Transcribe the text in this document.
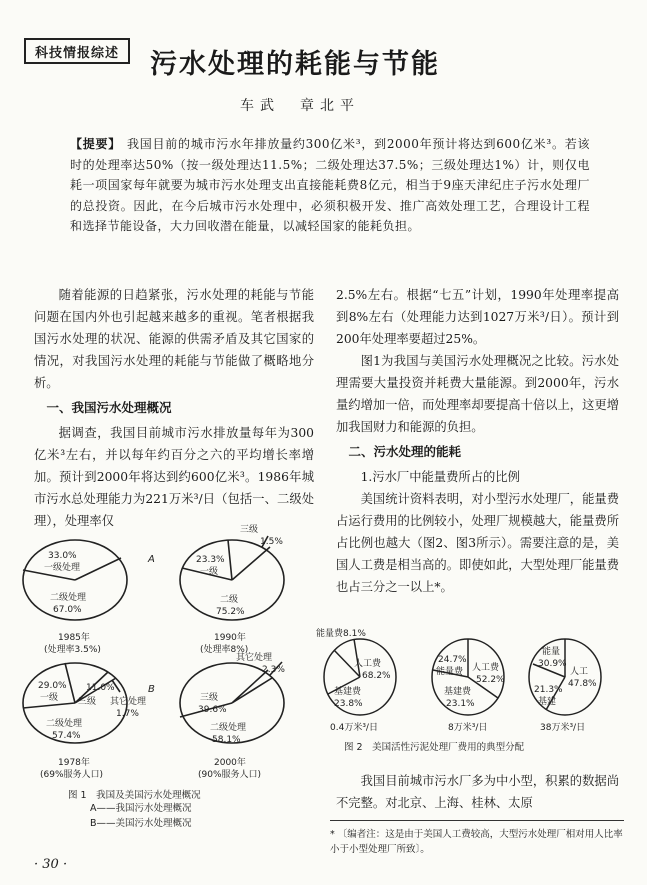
科技情报综述	污水处理的耗能与节能
车武　章北平
【提要】 我国目前的城市污水年排放量约300亿米³，到2000年预计将达到600亿米³。若该时的处理率达50%（按一级处理达11.5%；二级处理达37.5%；三级处理达1%）计，则仅电耗一项国家每年就要为城市污水处理支出直接能耗费8亿元，相当于9座天津纪庄子污水处理厂的总投资。因此，在今后城市污水处理中，必须积极开发、推广高效处理工艺，合理设计工程和选择节能设备，大力回收潜在能量，以减轻国家的能耗负担。

随着能源的日趋紧张，污水处理的耗能与节能问题在国内外也引起越来越多的重视。笔者根据我国污水处理的状况、能源的供需矛盾及其它国家的情况，对我国污水处理的耗能与节能做了概略地分析。

一、我国污水处理概况

据调查，我国目前城市污水排放量每年为300亿米³左右，并以每年约百分之六的平均增长率增加。预计到2000年将达到约600亿米³。1986年城市污水总处理能力为221万米³/日（包括一、二级处理），处理率仅

2.5%左右。根据“七五”计划，1990年处理率提高到8%左右（处理能力达到1027万米³/日）。预计到200年处理率要超过25%。

图1为我国与美国污水处理概况之比较。污水处理需要大量投资并耗费大量能源。到2000年，污水量约增加一倍，而处理率却要提高十倍以上，这更增加我国财力和能源的负担。

二、污水处理的能耗
1.污水厂中能量费所占的比例

美国统计资料表明，对小型污水处理厂，能量费占运行费用的比例较小，处理厂规模越大，能量费所占比例也越大（图2、图3所示）。需要注意的是，美国人工费是相当高的。即使如此，大型处理厂能量费也占三分之一以上*。

我国目前城市污水厂多为中小型，积累的数据尚不完整。对北京、上海、桂林、太原

33.0%
一级处理
二级处理
67.0%
1985年
(处理率3.5%)
A	23.3%
一级
二级
75.2%
三级
1.5%
1990年
(处理率8%)
B
29.0%
一级 三级
11.0%
二级处理
57.4%
其它处理
1.7%
1978年
(69%服务人口)
三级
39.6%
二级处理
58.1%
其它处理
2.3%
2000年
(90%服务人口)
图 1　我国及美国污水处理概况
A——我国污水处理概况
B——美国污水处理概况
能量费8.1%
人工费
68.2%
基建费
23.8%
0.4万米³/日
24.7%
能量费 人工费
52.2%
基建费
23.1%
8万米³/日
能量
30.9%
人工
47.8%
21.3%
基建
38万米³/日
图 2　美国活性污泥处理厂费用的典型分配
* 〔编者注：这是由于美国人工费较高，大型污水处理厂相对用人比率小于小型处理厂所致〕。
· 30 ·
